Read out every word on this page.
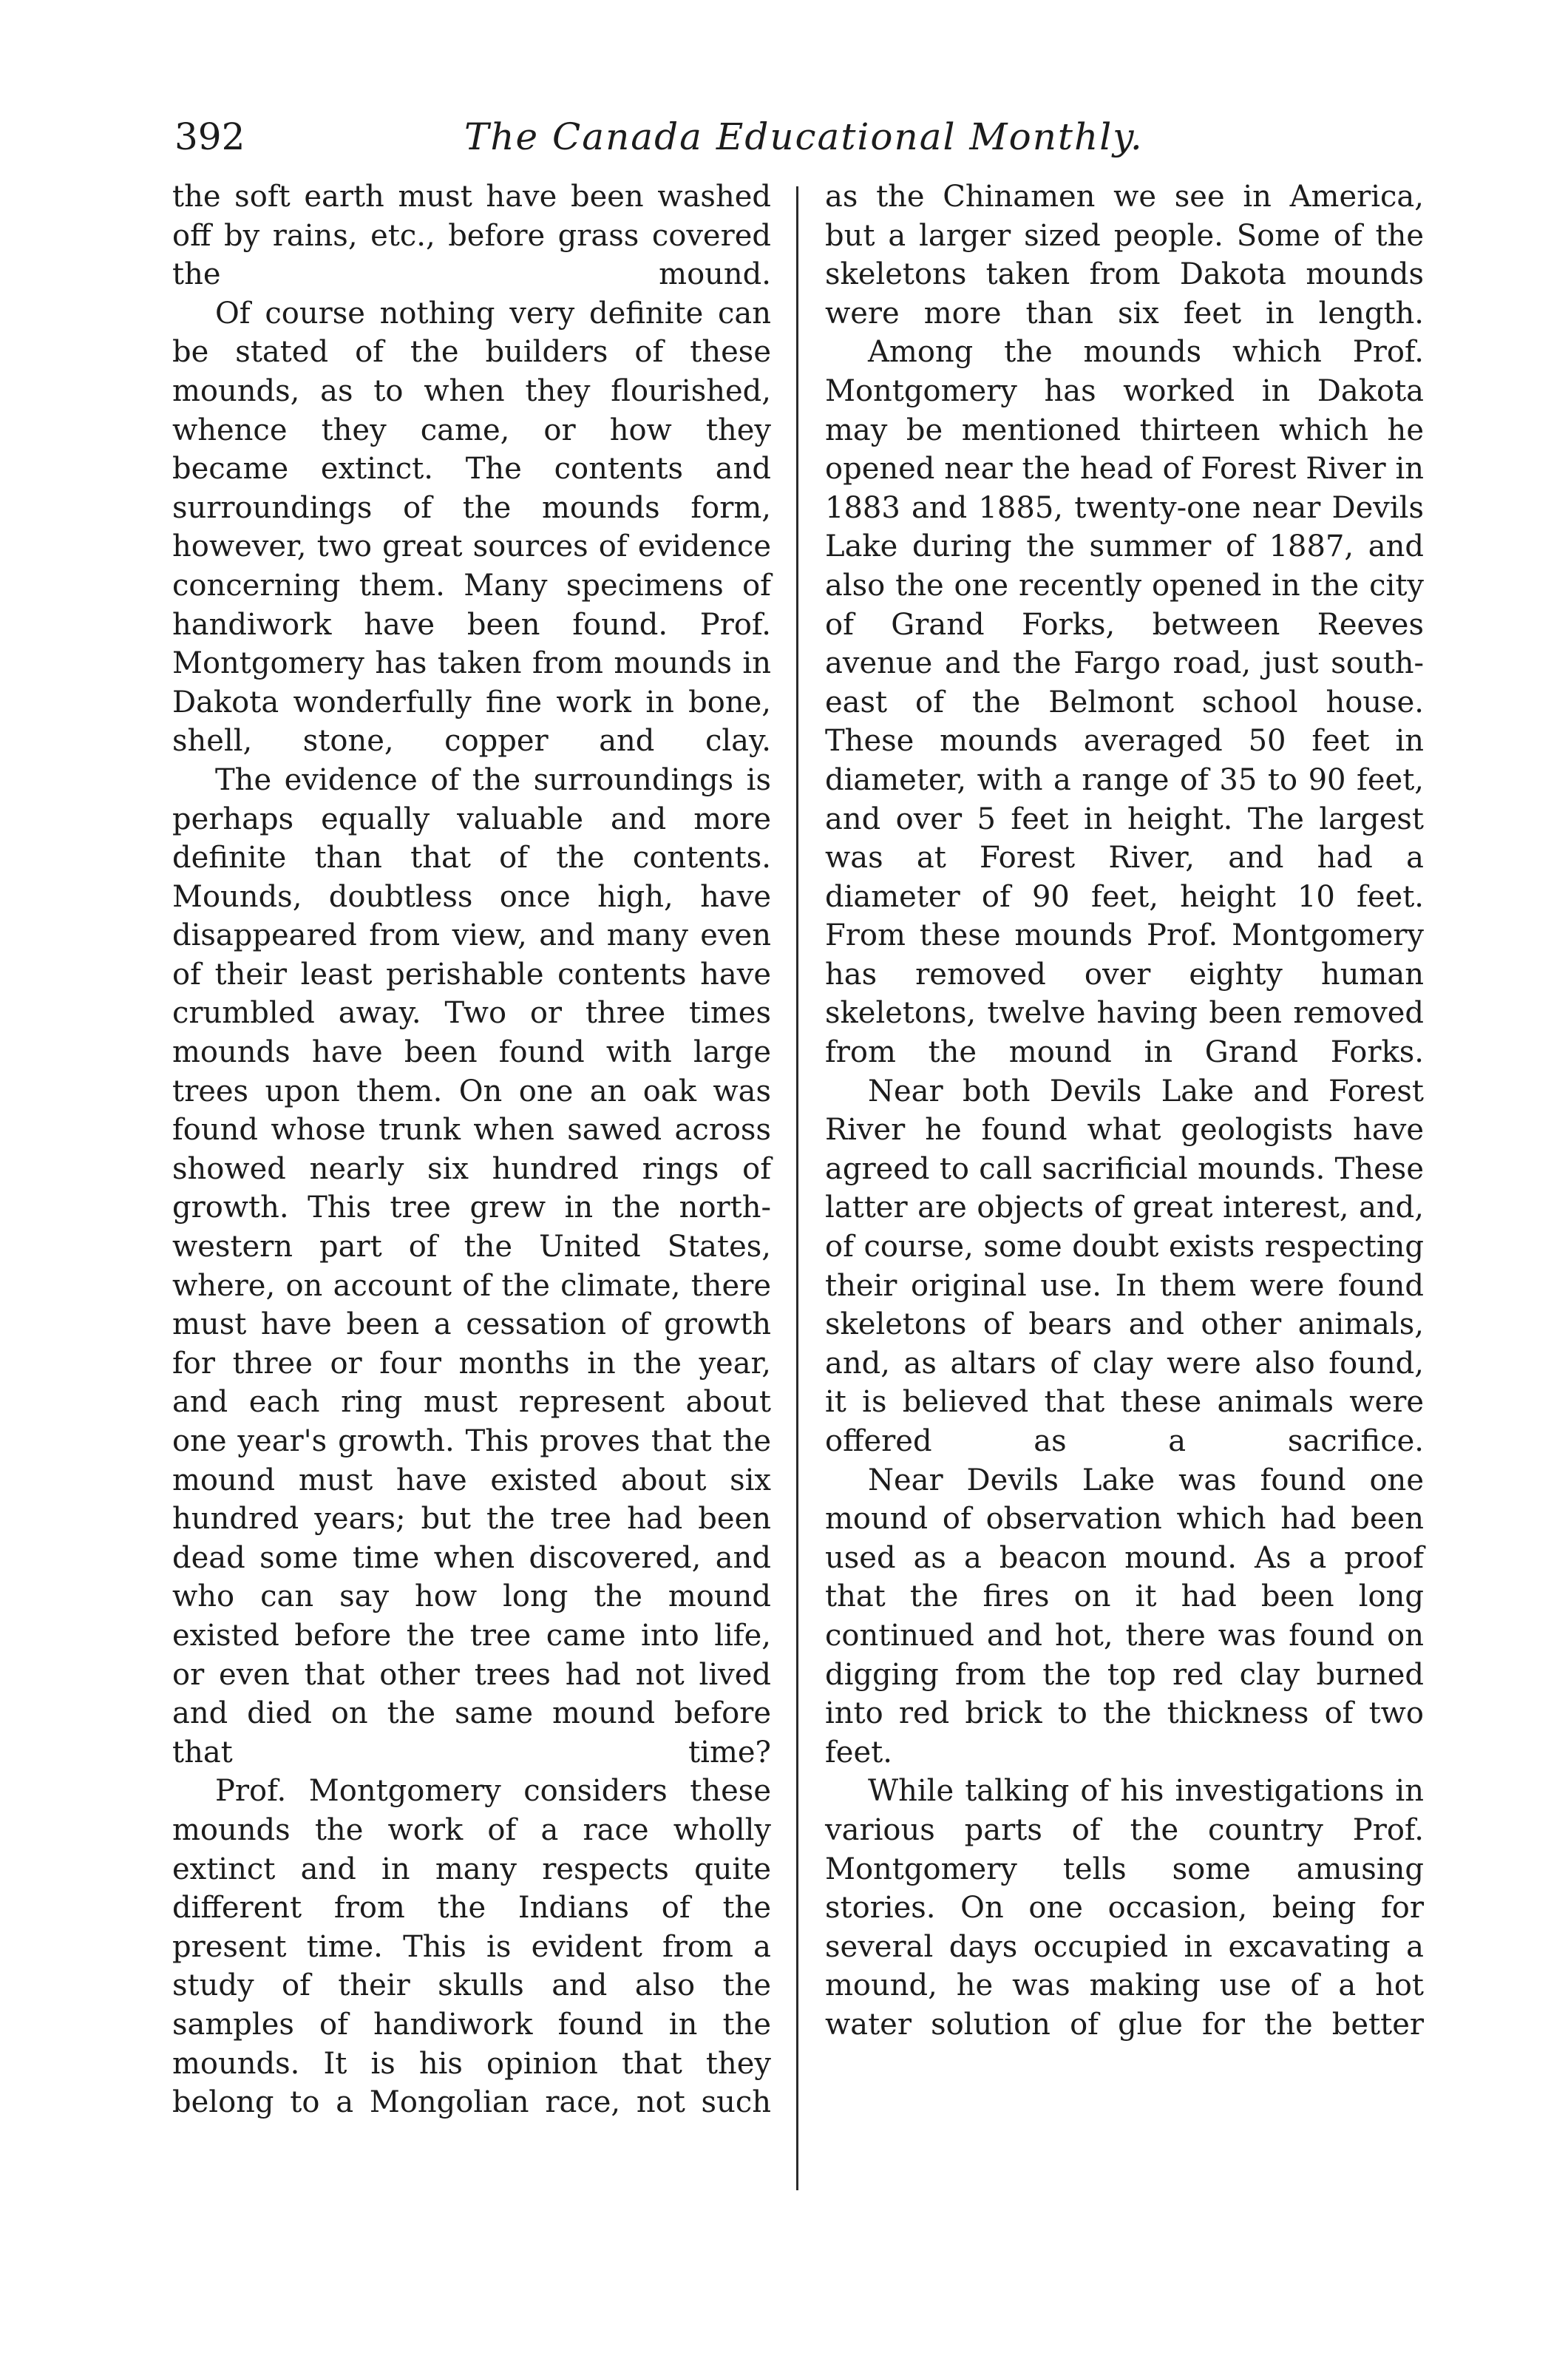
392	The Canada Educational Monthly.

the soft earth must have been washed off by rains, etc., before grass covered the mound.

Of course nothing very definite can be stated of the builders of these mounds, as to when they flourished, whence they came, or how they became extinct. The contents and surroundings of the mounds form, however, two great sources of evidence concerning them. Many specimens of handiwork have been found. Prof. Montgomery has taken from mounds in Dakota wonderfully fine work in bone, shell, stone, copper and clay.

The evidence of the surroundings is perhaps equally valuable and more definite than that of the contents. Mounds, doubtless once high, have disappeared from view, and many even of their least perishable contents have crumbled away. Two or three times mounds have been found with large trees upon them. On one an oak was found whose trunk when sawed across showed nearly six hundred rings of growth. This tree grew in the north-western part of the United States, where, on account of the climate, there must have been a cessation of growth for three or four months in the year, and each ring must represent about one year's growth. This proves that the mound must have existed about six hundred years; but the tree had been dead some time when discovered, and who can say how long the mound existed before the tree came into life, or even that other trees had not lived and died on the same mound before that time?

Prof. Montgomery considers these mounds the work of a race wholly extinct and in many respects quite different from the Indians of the present time. This is evident from a study of their skulls and also the samples of handiwork found in the mounds. It is his opinion that they belong to a Mongolian race, not such

as the Chinamen we see in America, but a larger sized people. Some of the skeletons taken from Dakota mounds were more than six feet in length.

Among the mounds which Prof. Montgomery has worked in Dakota may be mentioned thirteen which he opened near the head of Forest River in 1883 and 1885, twenty-one near Devils Lake during the summer of 1887, and also the one recently opened in the city of Grand Forks, between Reeves avenue and the Fargo road, just south-east of the Belmont school house. These mounds averaged 50 feet in diameter, with a range of 35 to 90 feet, and over 5 feet in height. The largest was at Forest River, and had a diameter of 90 feet, height 10 feet. From these mounds Prof. Montgomery has removed over eighty human skeletons, twelve having been removed from the mound in Grand Forks.

Near both Devils Lake and Forest River he found what geologists have agreed to call sacrificial mounds. These latter are objects of great interest, and, of course, some doubt exists respecting their original use. In them were found skeletons of bears and other animals, and, as altars of clay were also found, it is believed that these animals were offered as a sacrifice.

Near Devils Lake was found one mound of observation which had been used as a beacon mound. As a proof that the fires on it had been long continued and hot, there was found on digging from the top red clay burned into red brick to the thickness of two feet.

While talking of his investigations in various parts of the country Prof. Montgomery tells some amusing stories. On one occasion, being for several days occupied in excavating a mound, he was making use of a hot water solution of glue for the better
